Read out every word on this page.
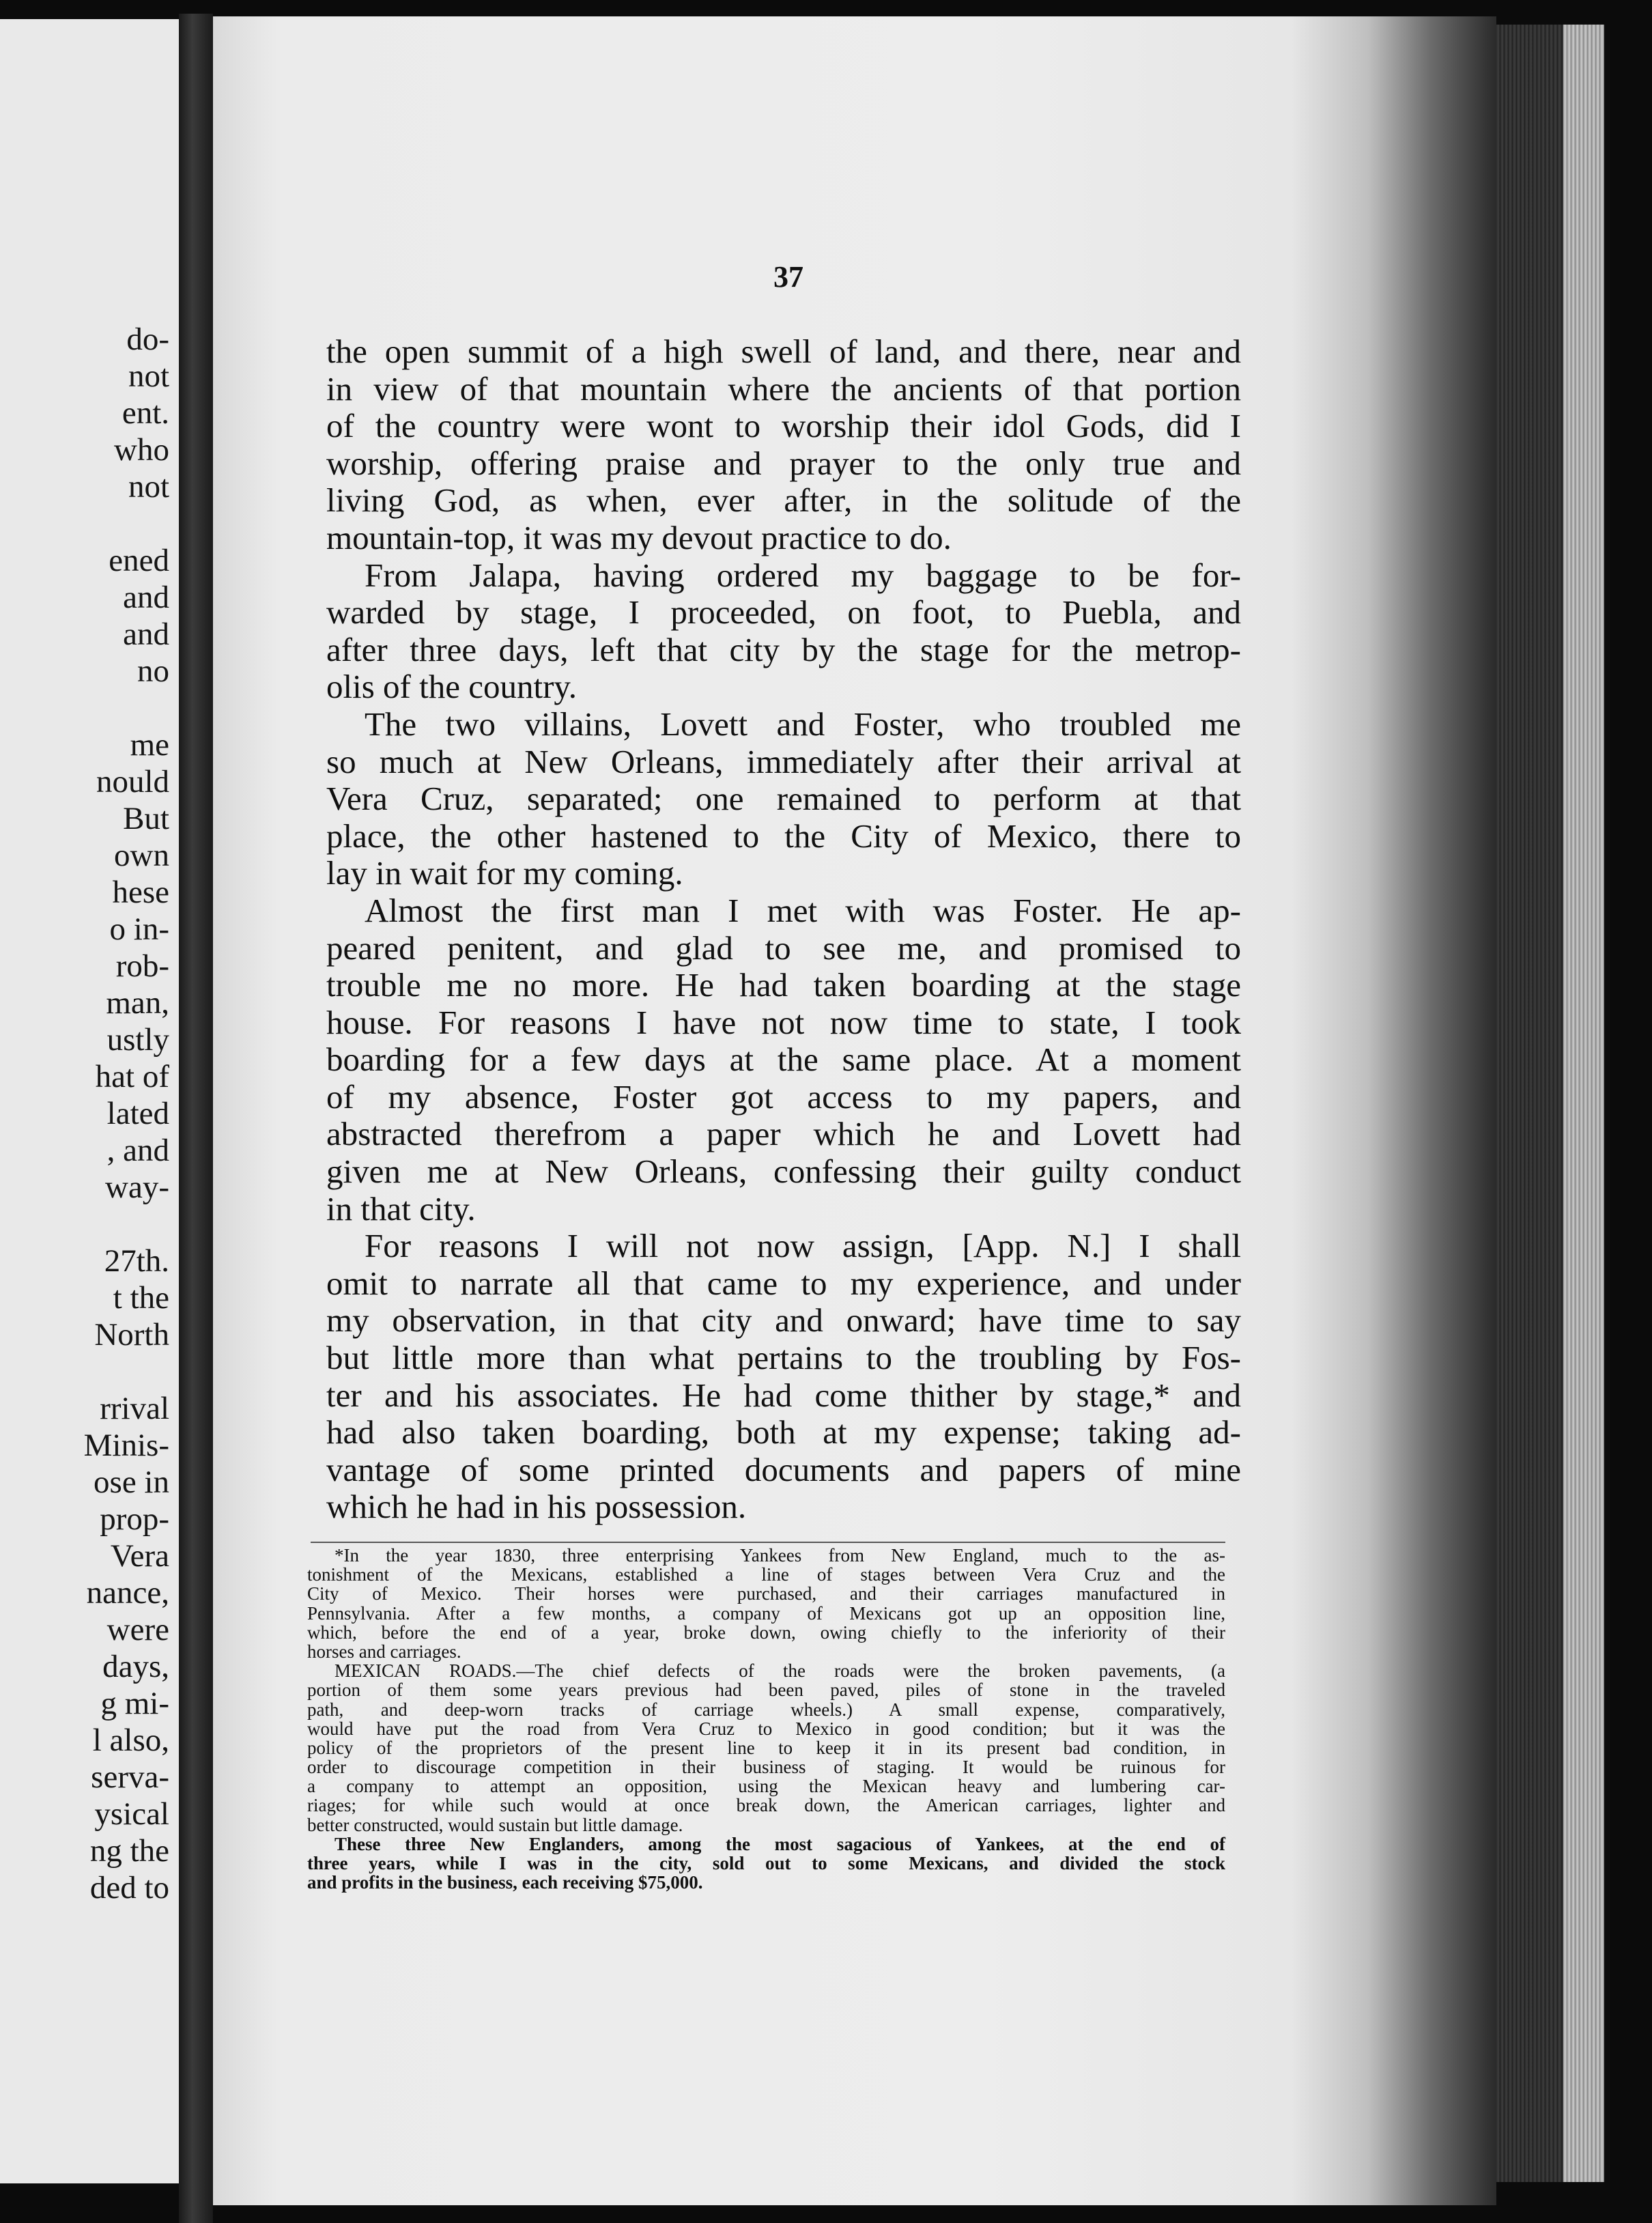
do-
not
ent.
who
not
ened
and
and
no
me
nould
But
own
hese
o in-
rob-
man,
ustly
hat of
lated
, and
way-
27th.
t the
North
rrival
Minis-
ose in
prop-
Vera
nance,
were
days,
g mi-
l also,
serva-
ysical
ng the
ded to
37
the open summit of a high swell of land, and there, near and
in view of that mountain where the ancients of that portion
of the country were wont to worship their idol Gods, did I
worship, offering praise and prayer to the only true and
living God, as when, ever after, in the solitude of the
mountain-top, it was my devout practice to do.
From Jalapa, having ordered my baggage to be for-
warded by stage, I proceeded, on foot, to Puebla, and
after three days, left that city by the stage for the metrop-
olis of the country.
The two villains, Lovett and Foster, who troubled me
so much at New Orleans, immediately after their arrival at
Vera Cruz, separated; one remained to perform at that
place, the other hastened to the City of Mexico, there to
lay in wait for my coming.
Almost the first man I met with was Foster. He ap-
peared penitent, and glad to see me, and promised to
trouble me no more. He had taken boarding at the stage
house. For reasons I have not now time to state, I took
boarding for a few days at the same place. At a moment
of my absence, Foster got access to my papers, and
abstracted therefrom a paper which he and Lovett had
given me at New Orleans, confessing their guilty conduct
in that city.
For reasons I will not now assign, [App. N.] I shall
omit to narrate all that came to my experience, and under
my observation, in that city and onward; have time to say
but little more than what pertains to the troubling by Fos-
ter and his associates. He had come thither by stage,* and
had also taken boarding, both at my expense; taking ad-
vantage of some printed documents and papers of mine
which he had in his possession.
*In the year 1830, three enterprising Yankees from New England, much to the as-
tonishment of the Mexicans, established a line of stages between Vera Cruz and the
City of Mexico. Their horses were purchased, and their carriages manufactured in
Pennsylvania. After a few months, a company of Mexicans got up an opposition line,
which, before the end of a year, broke down, owing chiefly to the inferiority of their
horses and carriages.
MEXICAN ROADS.—The chief defects of the roads were the broken pavements, (a
portion of them some years previous had been paved, piles of stone in the traveled
path, and deep-worn tracks of carriage wheels.) A small expense, comparatively,
would have put the road from Vera Cruz to Mexico in good condition; but it was the
policy of the proprietors of the present line to keep it in its present bad condition, in
order to discourage competition in their business of staging. It would be ruinous for
a company to attempt an opposition, using the Mexican heavy and lumbering car-
riages; for while such would at once break down, the American carriages, lighter and
better constructed, would sustain but little damage.
These three New Englanders, among the most sagacious of Yankees, at the end of
three years, while I was in the city, sold out to some Mexicans, and divided the stock
and profits in the business, each receiving $75,000.
